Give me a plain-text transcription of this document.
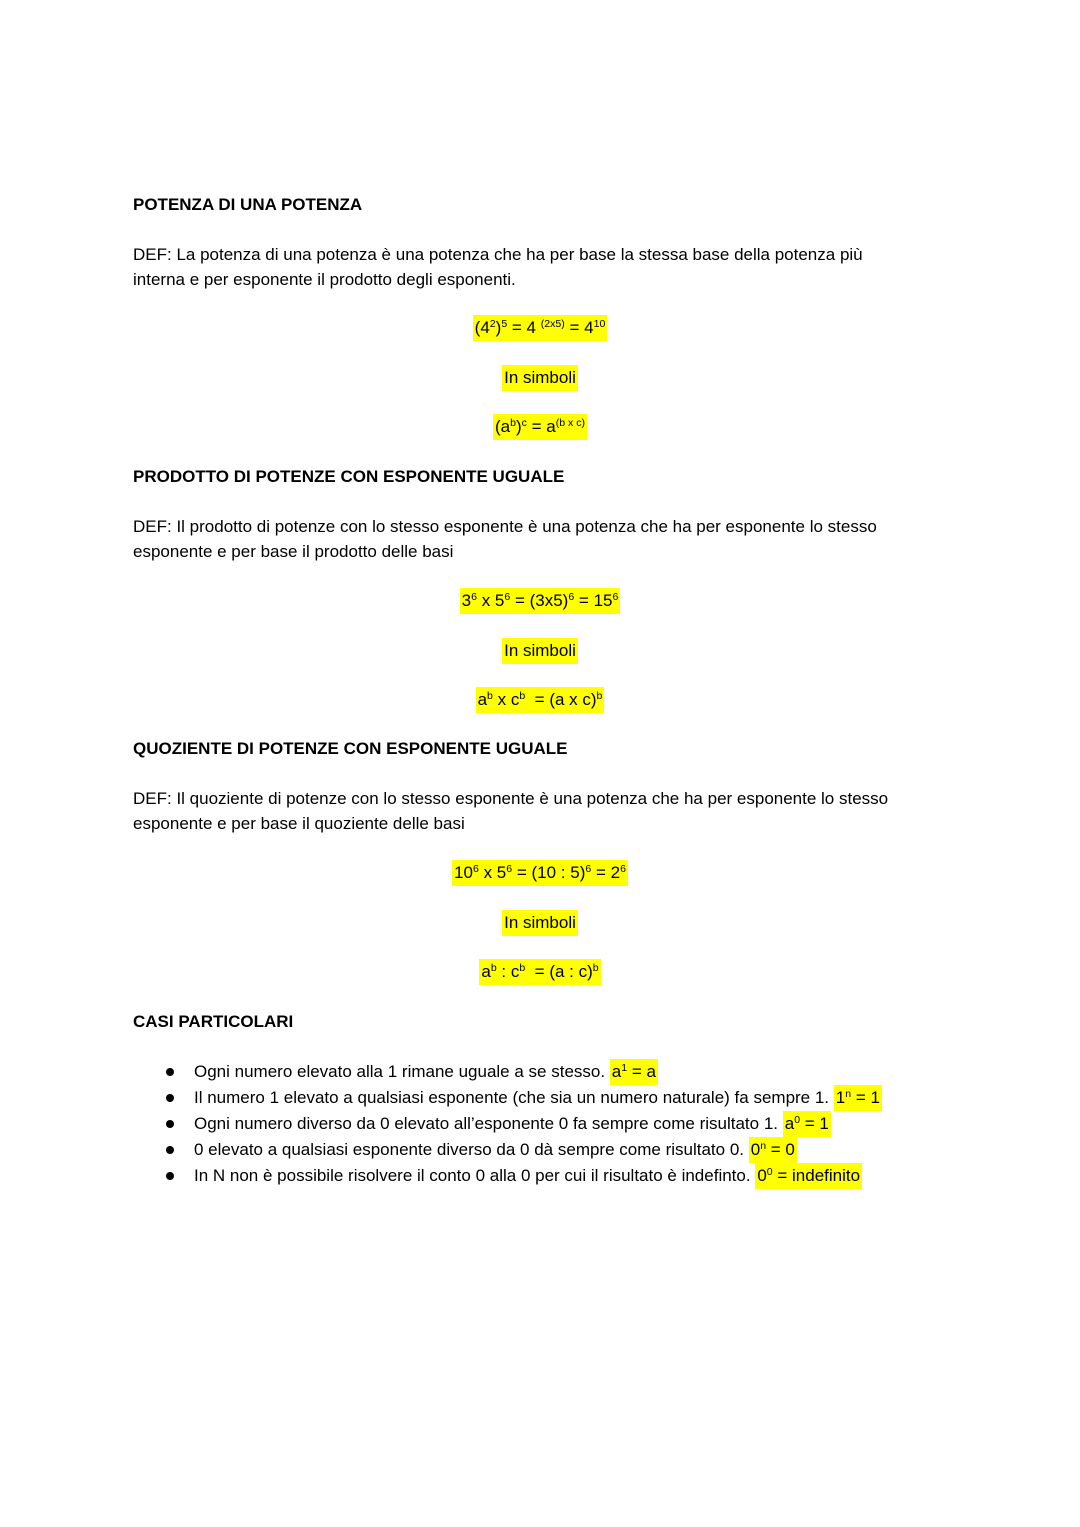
POTENZA DI UNA POTENZA
DEF: La potenza di una potenza è una potenza che ha per base la stessa base della potenza più
interna e per esponente il prodotto degli esponenti.
$(4^2)^5 = 4$ $^{(2x5)} = 4^{10}$
In simboli
$(a^b)^c = a^{(b x c)}$
PRODOTTO DI POTENZE CON ESPONENTE UGUALE
DEF: Il prodotto di potenze con lo stesso esponente è una potenza che ha per esponente lo stesso
esponente e per base il prodotto delle basi
$3^6$ x $5^6 = (3x5)^6 = 15^6$
In simboli
$a^b$ x $c^b = (a$ x c)$^b$
QUOZIENTE DI POTENZE CON ESPONENTE UGUALE
DEF: Il quoziente di potenze con lo stesso esponente è una potenza che ha per esponente lo stesso
esponente e per base il quoziente delle basi
$10^6$ x $5^6 = (10$ : $5)^6 = 2^6$
In simboli
$a^b$ : $c^b = (a$ : c)$^b$
CASI PARTICOLARI
Ogni numero elevato alla 1 rimane uguale a se stesso. $a^1 = a$
Il numero 1 elevato a qualsiasi esponente (che sia un numero naturale) fa sempre 1. $1^n = 1$
Ogni numero diverso da 0 elevato all’esponente 0 fa sempre come risultato 1. $a^0 = 1$
0 elevato a qualsiasi esponente diverso da 0 dà sempre come risultato 0. $0^n = 0$
In N non è possibile risolvere il conto 0 alla 0 per cui il risultato è indefinto. $0^0$ = indefinito
